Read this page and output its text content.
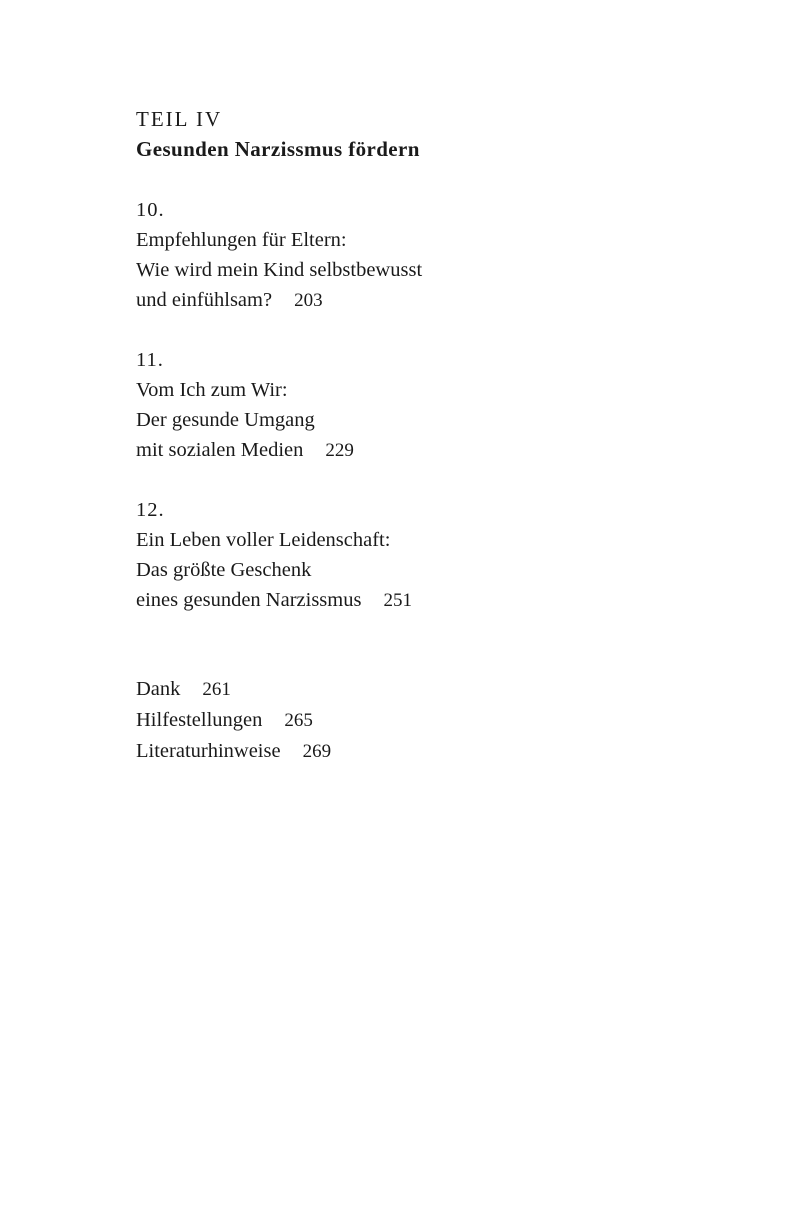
TEIL IV
Gesunden Narzissmus fördern
10.
Empfehlungen für Eltern:
Wie wird mein Kind selbstbewusst
und einfühlsam? 203
11.
Vom Ich zum Wir:
Der gesunde Umgang
mit sozialen Medien 229
12.
Ein Leben voller Leidenschaft:
Das größte Geschenk
eines gesunden Narzissmus 251
Dank 261
Hilfestellungen 265
Literaturhinweise 269
